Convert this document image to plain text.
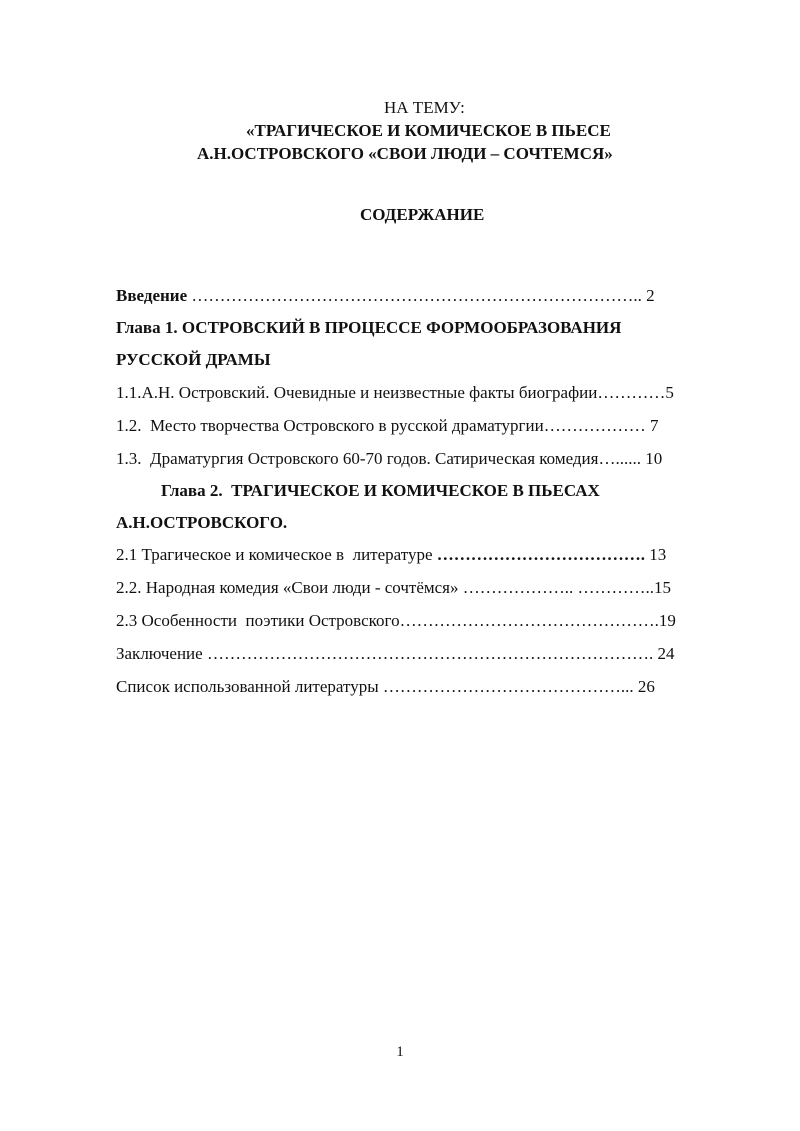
НА ТЕМУ:
«ТРАГИЧЕСКОЕ И КОМИЧЕСКОЕ В ПЬЕСЕ
А.Н.ОСТРОВСКОГО «СВОИ ЛЮДИ – СОЧТЕМСЯ»
СОДЕРЖАНИЕ
Введение …………………………………………………………………….. 2
Глава 1. ОСТРОВСКИЙ В ПРОЦЕССЕ ФОРМООБРАЗОВАНИЯ
РУССКОЙ ДРАМЫ
1.1.А.Н. Островский. Очевидные и неизвестные факты биографии…………5
1.2.  Место творчества Островского в русской драматургии……………… 7
1.3.  Драматургия Островского 60-70 годов. Сатирическая комедия…...... 10
Глава 2.  ТРАГИЧЕСКОЕ И КОМИЧЕСКОЕ В ПЬЕСАХ
А.Н.ОСТРОВСКОГО.
2.1 Трагическое и комическое в  литературе ………………………………. 13
2.2. Народная комедия «Свои люди - сочтёмся» ……………….. …………..15
2.3 Особенности  поэтики Островского……………………………………….19
Заключение ……………………………………………………………………. 24
Список использованной литературы ……………………………………... 26
1
